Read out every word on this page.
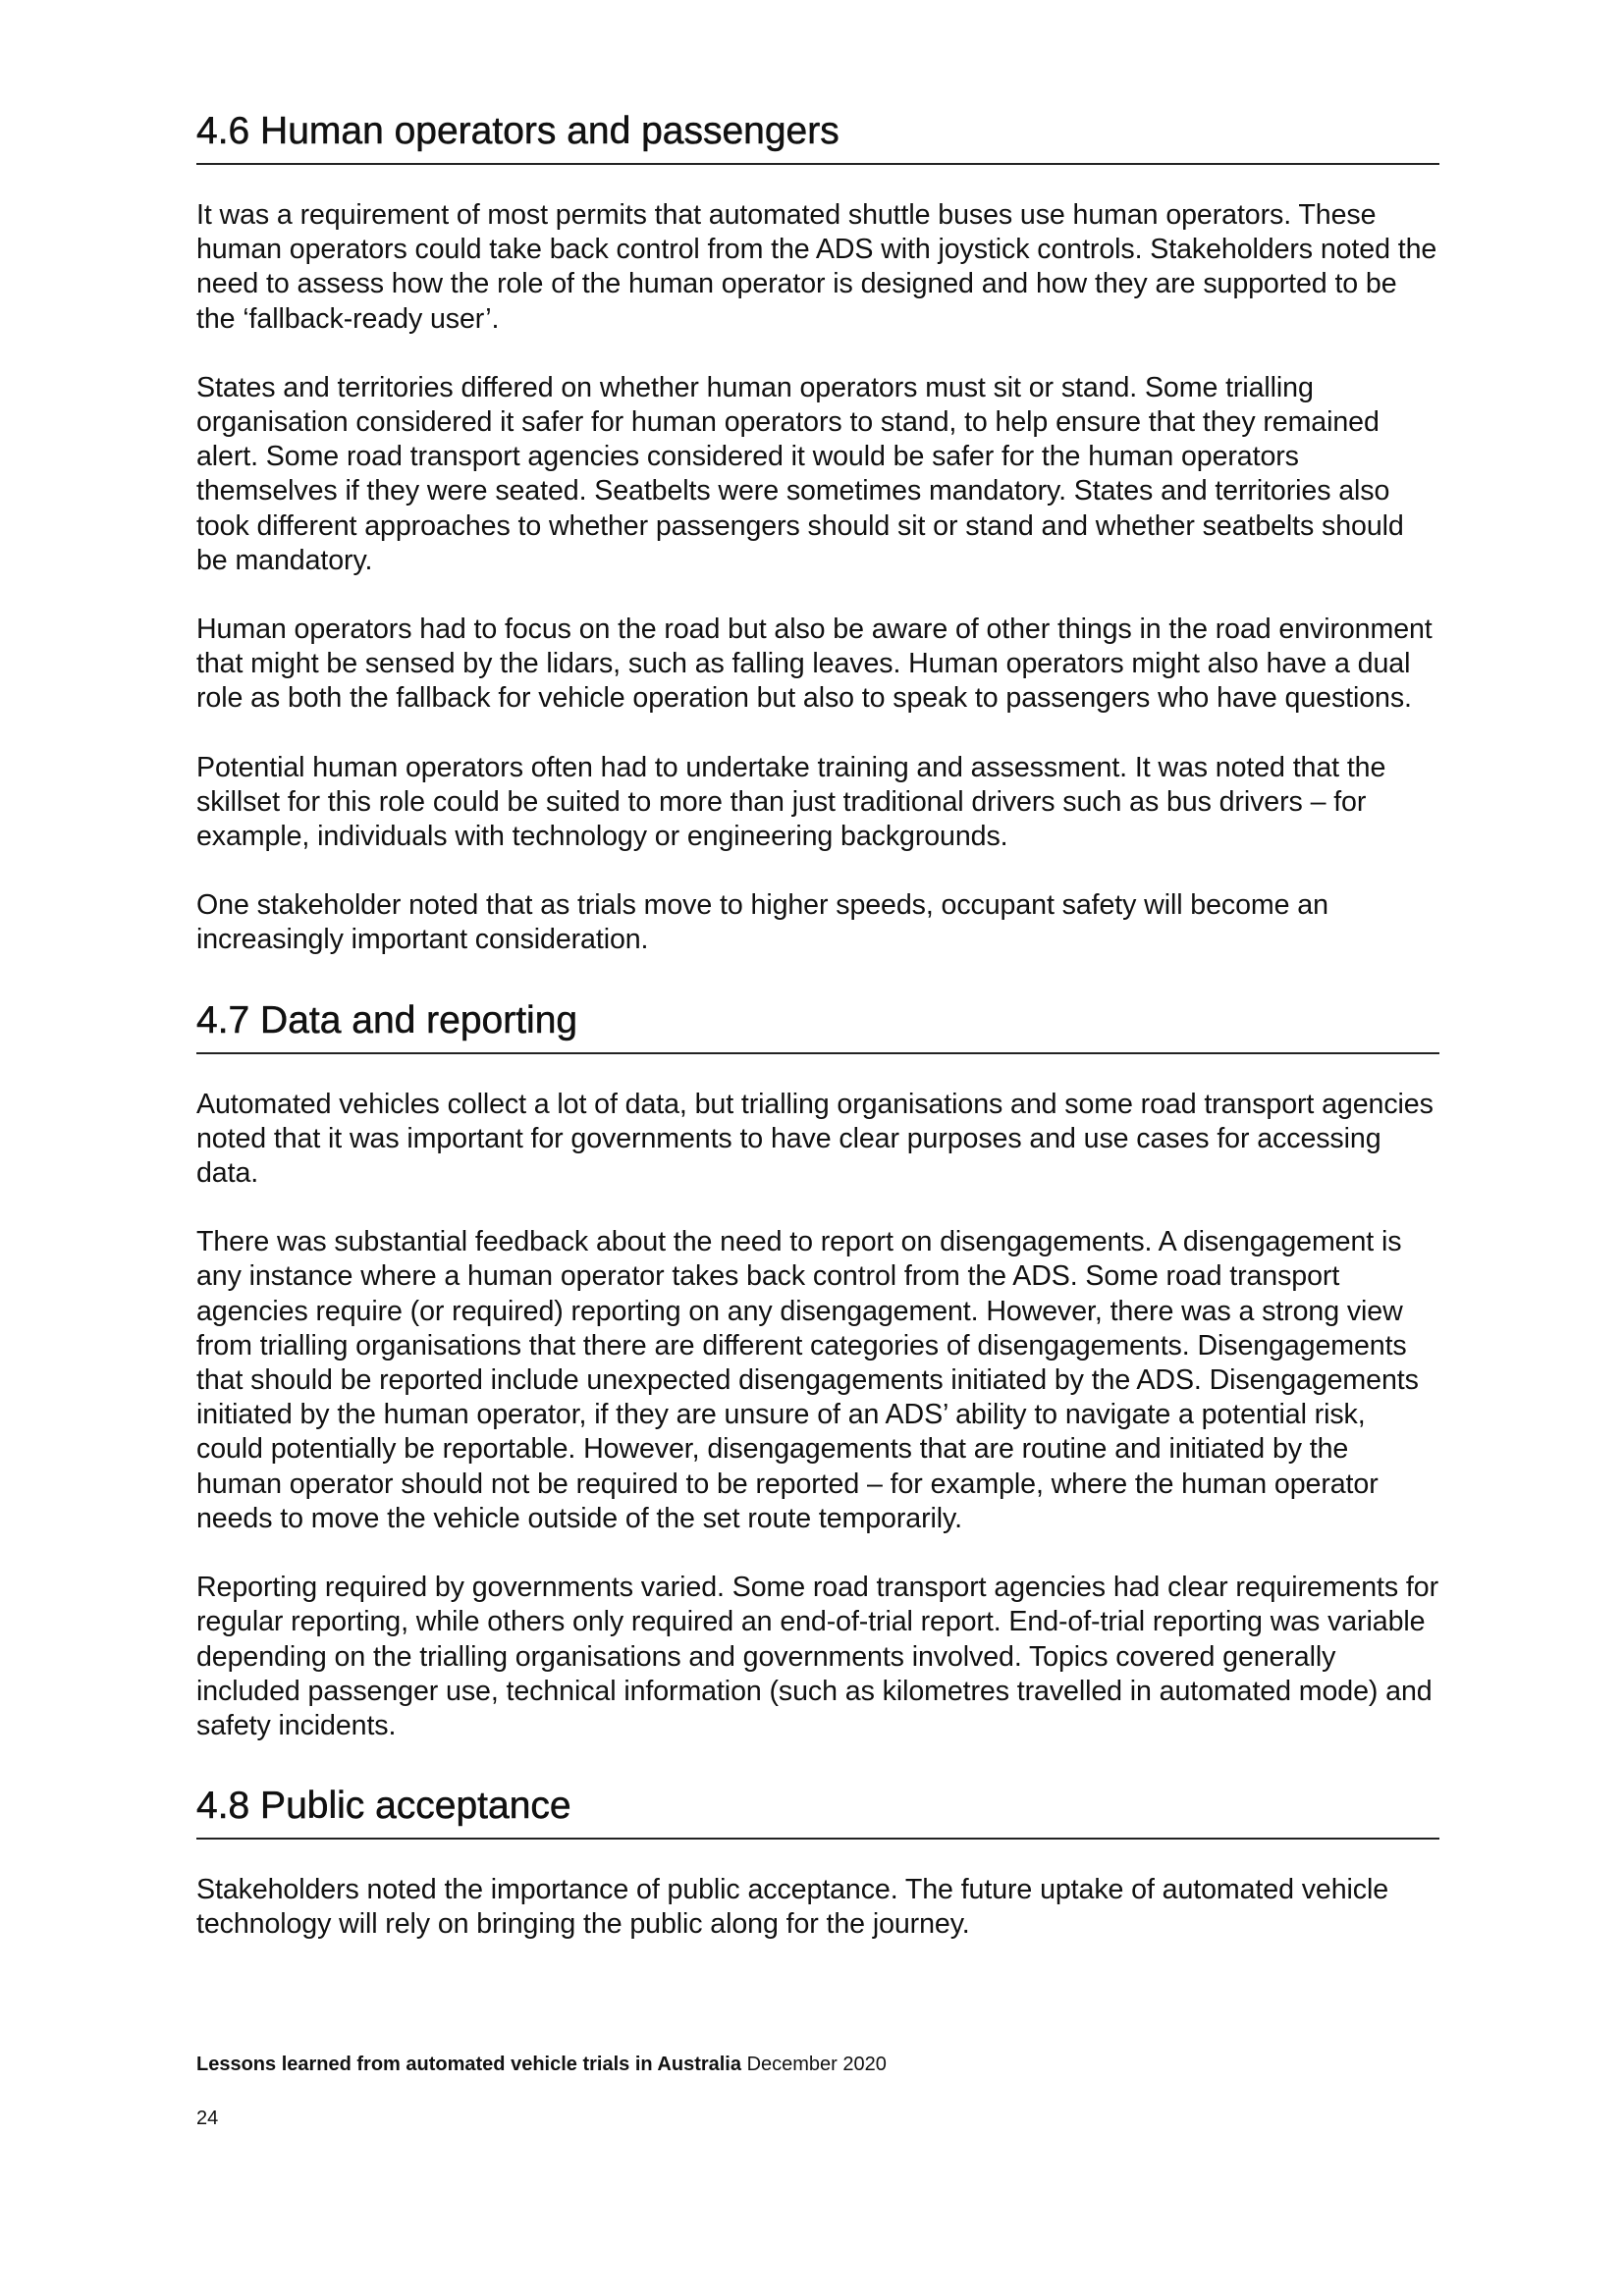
4.6 Human operators and passengers

It was a requirement of most permits that automated shuttle buses use human operators. These human operators could take back control from the ADS with joystick controls. Stakeholders noted the need to assess how the role of the human operator is designed and how they are supported to be the ‘fallback-ready user’.

States and territories differed on whether human operators must sit or stand. Some trialling organisation considered it safer for human operators to stand, to help ensure that they remained alert. Some road transport agencies considered it would be safer for the human operators themselves if they were seated. Seatbelts were sometimes mandatory. States and territories also took different approaches to whether passengers should sit or stand and whether seatbelts should be mandatory.

Human operators had to focus on the road but also be aware of other things in the road environment that might be sensed by the lidars, such as falling leaves. Human operators might also have a dual role as both the fallback for vehicle operation but also to speak to passengers who have questions.

Potential human operators often had to undertake training and assessment. It was noted that the skillset for this role could be suited to more than just traditional drivers such as bus drivers – for example, individuals with technology or engineering backgrounds.

One stakeholder noted that as trials move to higher speeds, occupant safety will become an increasingly important consideration.

4.7 Data and reporting

Automated vehicles collect a lot of data, but trialling organisations and some road transport agencies noted that it was important for governments to have clear purposes and use cases for accessing data.

There was substantial feedback about the need to report on disengagements. A disengagement is any instance where a human operator takes back control from the ADS. Some road transport agencies require (or required) reporting on any disengagement. However, there was a strong view from trialling organisations that there are different categories of disengagements. Disengagements that should be reported include unexpected disengagements initiated by the ADS. Disengagements initiated by the human operator, if they are unsure of an ADS’ ability to navigate a potential risk, could potentially be reportable. However, disengagements that are routine and initiated by the human operator should not be required to be reported – for example, where the human operator needs to move the vehicle outside of the set route temporarily.

Reporting required by governments varied. Some road transport agencies had clear requirements for regular reporting, while others only required an end-of-trial report. End-of-trial reporting was variable depending on the trialling organisations and governments involved. Topics covered generally included passenger use, technical information (such as kilometres travelled in automated mode) and safety incidents.

4.8 Public acceptance

Stakeholders noted the importance of public acceptance. The future uptake of automated vehicle technology will rely on bringing the public along for the journey.

Lessons learned from automated vehicle trials in Australia December 2020
24
